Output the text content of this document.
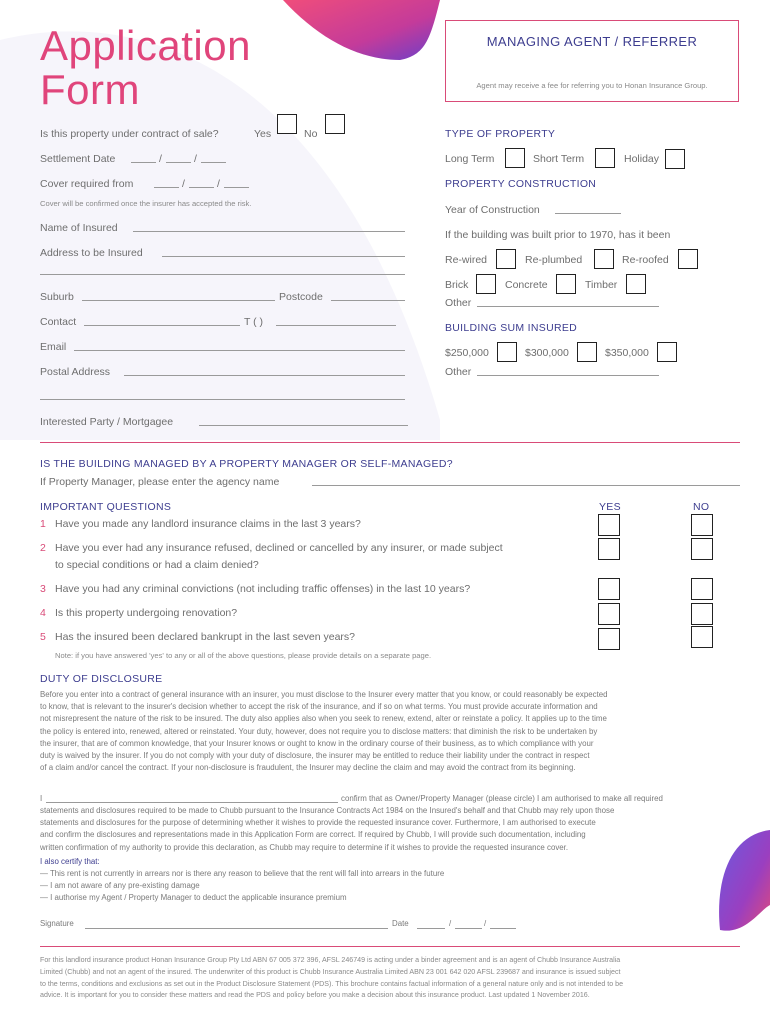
Application
Form
MANAGING AGENT / REFERRER
Agent may receive a fee for referring you to Honan Insurance Group.
Is this property under contract of sale?	Yes	No
Settlement Date	/	/
Cover required from	/	/
Cover will be confirmed once the insurer has accepted the risk.
Name of Insured
Address to be Insured
Suburb	Postcode
Contact	T ( )
Email
Postal Address
Interested Party / Mortgagee
TYPE OF PROPERTY
Long Term	Short Term	Holiday
PROPERTY CONSTRUCTION
Year of Construction
If the building was built prior to 1970, has it been
Re-wired	Re-plumbed	Re-roofed
Brick	Concrete	Timber
Other
BUILDING SUM INSURED
$250,000	$300,000	$350,000
Other
IS THE BUILDING MANAGED BY A PROPERTY MANAGER OR SELF-MANAGED?
If Property Manager, please enter the agency name
IMPORTANT QUESTIONS	YES	NO
1 Have you made any landlord insurance claims in the last 3 years?
2 Have you ever had any insurance refused, declined or cancelled by any insurer, or made subject
to special conditions or had a claim denied?
3 Have you had any criminal convictions (not including traffic offenses) in the last 10 years?
4 Is this property undergoing renovation?
5 Has the insured been declared bankrupt in the last seven years?
Note: if you have answered 'yes' to any or all of the above questions, please provide details on a separate page.
DUTY OF DISCLOSURE
Before you enter into a contract of general insurance with an insurer, you must disclose to the Insurer every matter that you know, or could reasonably be expected
to know, that is relevant to the insurer's decision whether to accept the risk of the insurance, and if so on what terms. You must provide accurate information and
not misrepresent the nature of the risk to be insured. The duty also applies also when you seek to renew, extend, alter or reinstate a policy. It applies up to the time
the policy is entered into, renewed, altered or reinstated. Your duty, however, does not require you to disclose matters: that diminish the risk to be undertaken by
the insurer, that are of common knowledge, that your Insurer knows or ought to know in the ordinary course of their business, as to which compliance with your
duty is waived by the insurer. If you do not comply with your duty of disclosure, the insurer may be entitled to reduce their liability under the contract in respect
of a claim and/or cancel the contract. If your non-disclosure is fraudulent, the Insurer may decline the claim and may avoid the contract from its beginning.
I	confirm that as Owner/Property Manager (please circle) I am authorised to make all required
statements and disclosures required to be made to Chubb pursuant to the Insurance Contracts Act 1984 on the Insured's behalf and that Chubb may rely upon those
statements and disclosures for the purpose of determining whether it wishes to provide the requested insurance cover. Furthermore, I am authorised to execute
and confirm the disclosures and representations made in this Application Form are correct. If required by Chubb, I will provide such documentation, including
written confirmation of my authority to provide this declaration, as Chubb may require to determine if it wishes to provide the requested insurance cover.
I also certify that:
— This rent is not currently in arrears nor is there any reason to believe that the rent will fall into arrears in the future
— I am not aware of any pre-existing damage
— I authorise my Agent / Property Manager to deduct the applicable insurance premium
Signature	Date	/	/
For this landlord insurance product Honan Insurance Group Pty Ltd ABN 67 005 372 396, AFSL 246749 is acting under a binder agreement and is an agent of Chubb Insurance Australia
Limited (Chubb) and not an agent of the insured. The underwriter of this product is Chubb Insurance Australia Limited ABN 23 001 642 020 AFSL 239687 and insurance is issued subject
to the terms, conditions and exclusions as set out in the Product Disclosure Statement (PDS). This brochure contains factual information of a general nature only and is not intended to be
advice. It is important for you to consider these matters and read the PDS and policy before you make a decision about this insurance product. Last updated 1 November 2016.
